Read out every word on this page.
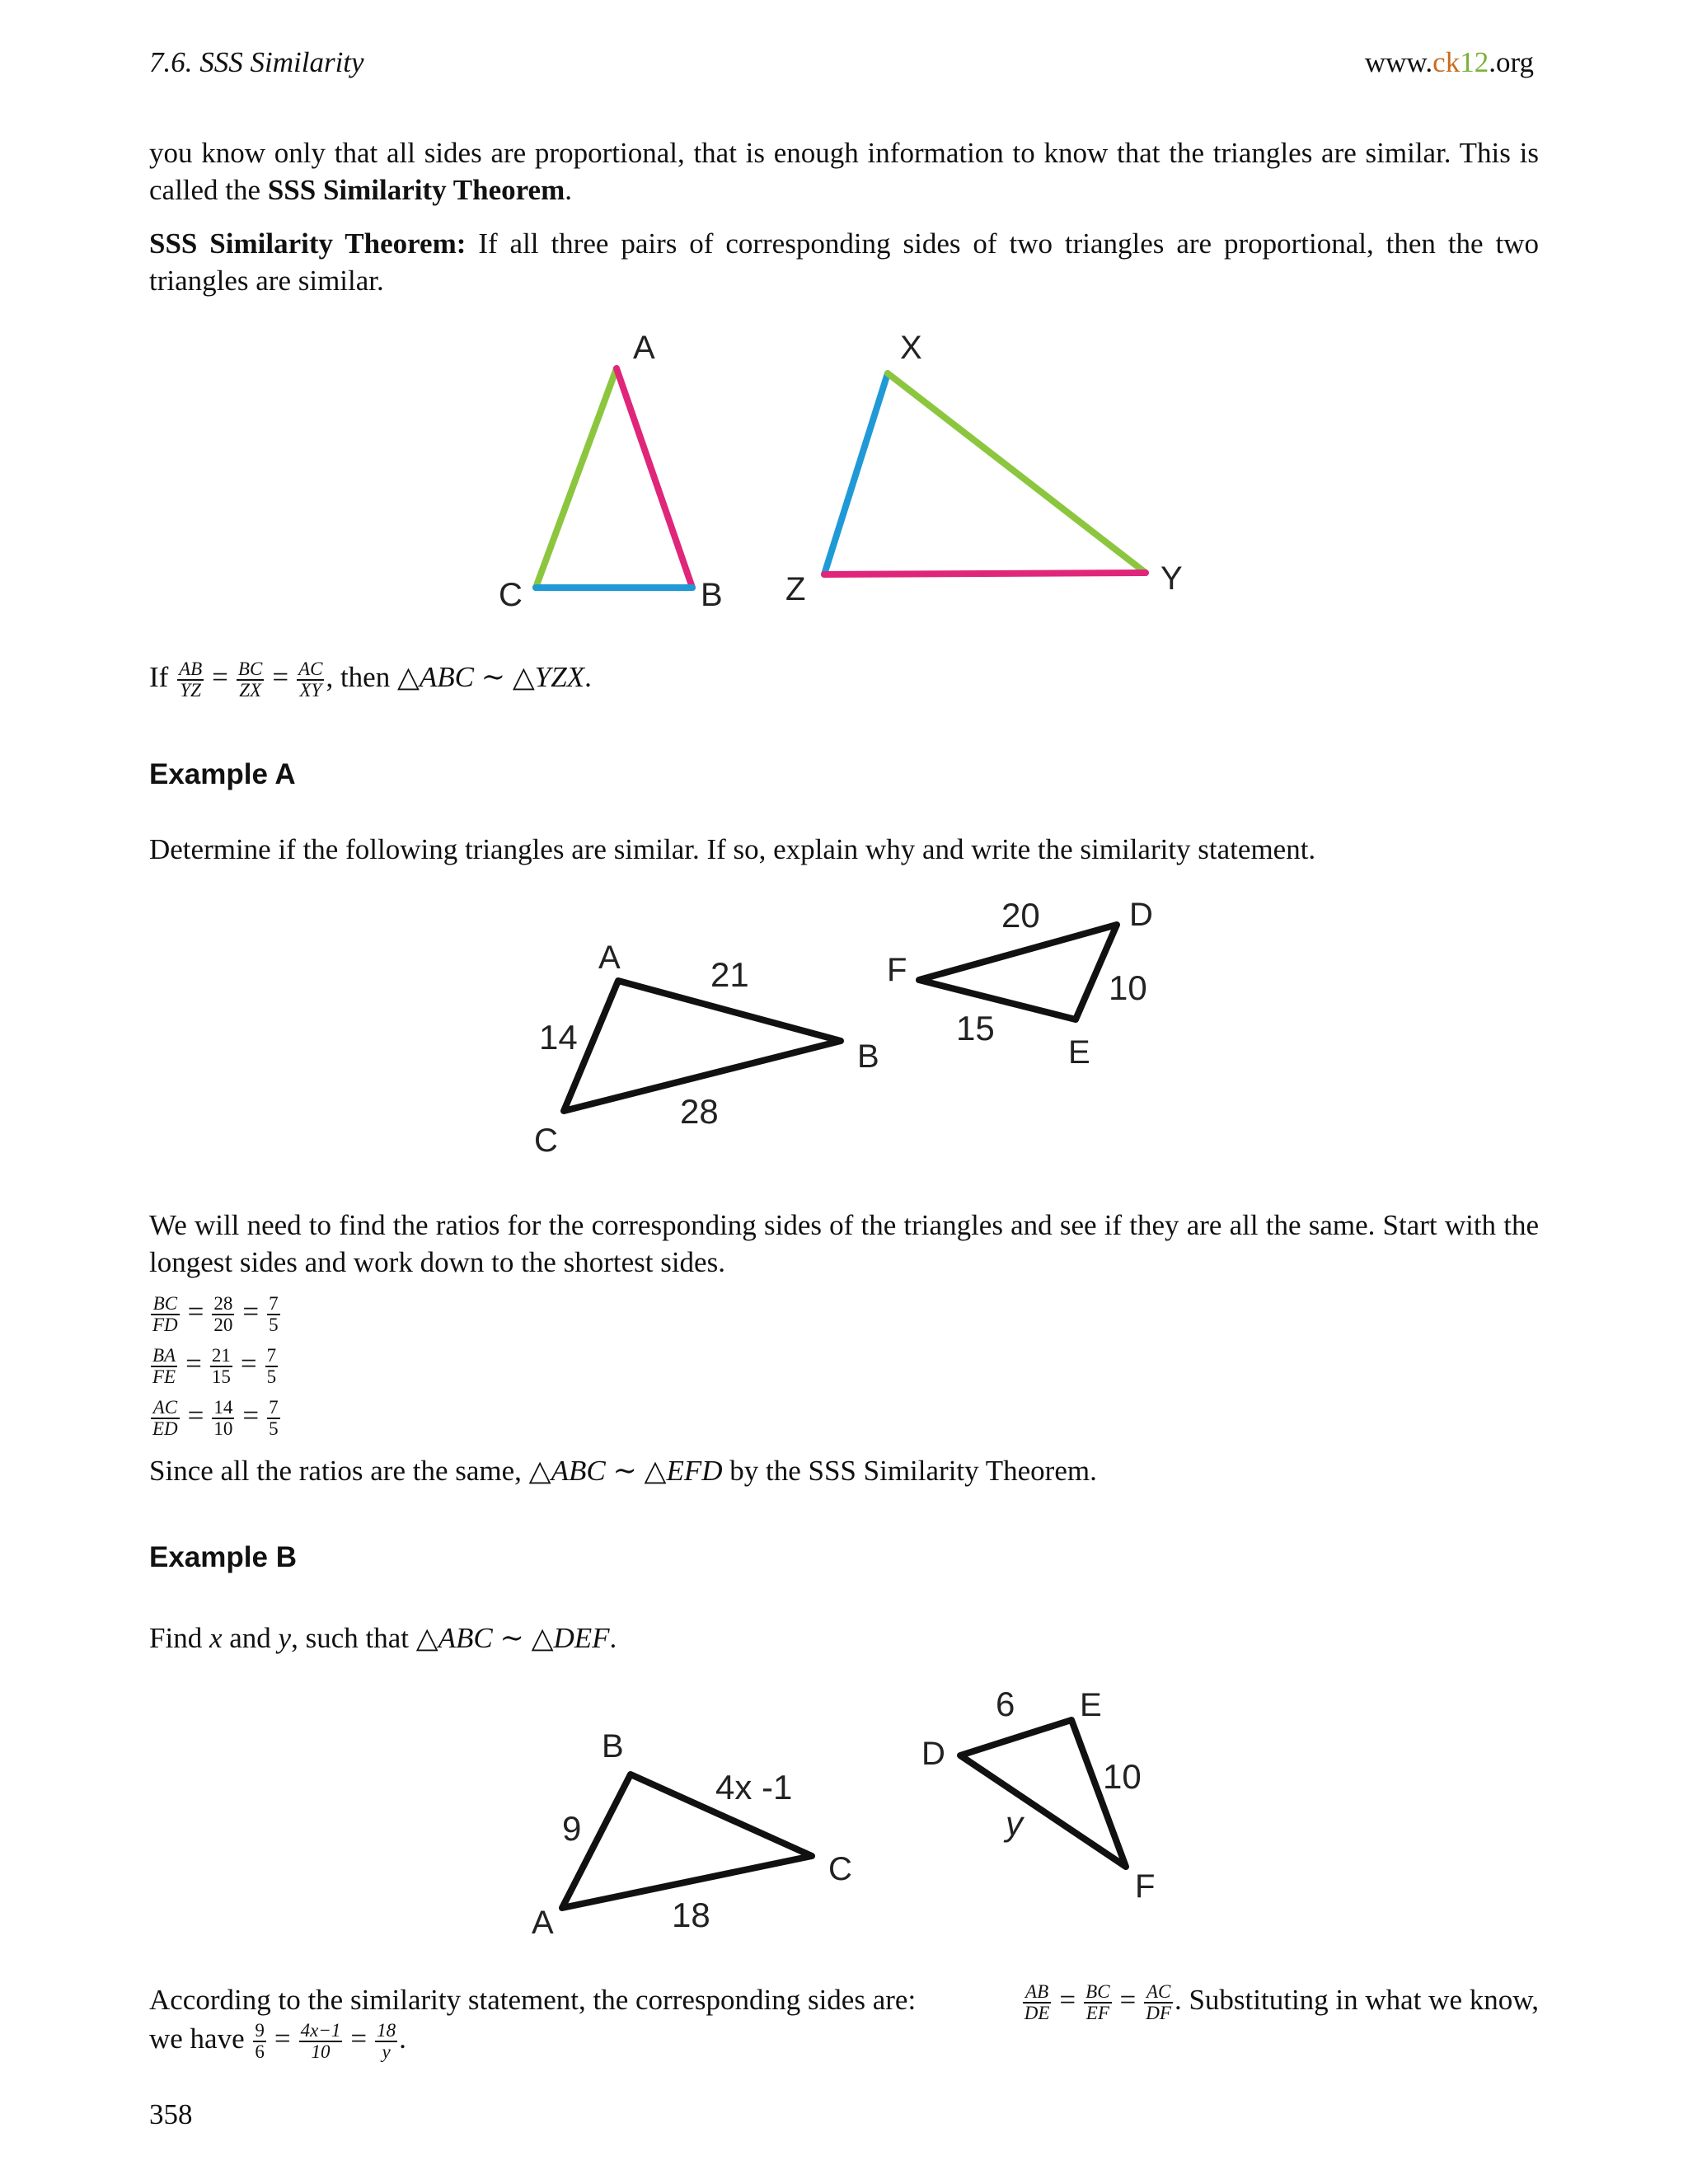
7.6. SSS Similarity	www.ck12.org
you know only that all sides are proportional, that is enough information to know that the triangles are similar. This is called the SSS Similarity Theorem.
SSS Similarity Theorem: If all three pairs of corresponding sides of two triangles are proportional, then the two triangles are similar.
A
C	B
X
Z	Y
If $\frac{AB}{YZ} = \frac{BC}{ZX} = \frac{AC}{XY}$ , then △ABC ∼ △YZX.
Example A
Determine if the following triangles are similar. If so, explain why and write the similarity statement.
A
B
C
21
14
28
D
E
F
20
10
15
We will need to find the ratios for the corresponding sides of the triangles and see if they are all the same. Start with the longest sides and work down to the shortest sides.
$\frac{BC}{FD} = \frac{28}{20} = \frac{7}{5}$
$\frac{BA}{FE} = \frac{21}{15} = \frac{7}{5}$
$\frac{AC}{ED} = \frac{14}{10} = \frac{7}{5}$
Since all the ratios are the same, △ABC ∼ △EFD by the SSS Similarity Theorem.
Example B
Find x and y, such that △ABC ∼ △DEF.
B
C
A
9
4x -1
18
D
E
F
6
10
y
According to the similarity statement, the corresponding sides are:	$\frac{AB}{DE} = \frac{BC}{EF} = \frac{AC}{DF}$ . Substituting in what we know,
we have $\frac{9}{6} = \frac{4x-1}{10} = \frac{18}{y}$ .
358
